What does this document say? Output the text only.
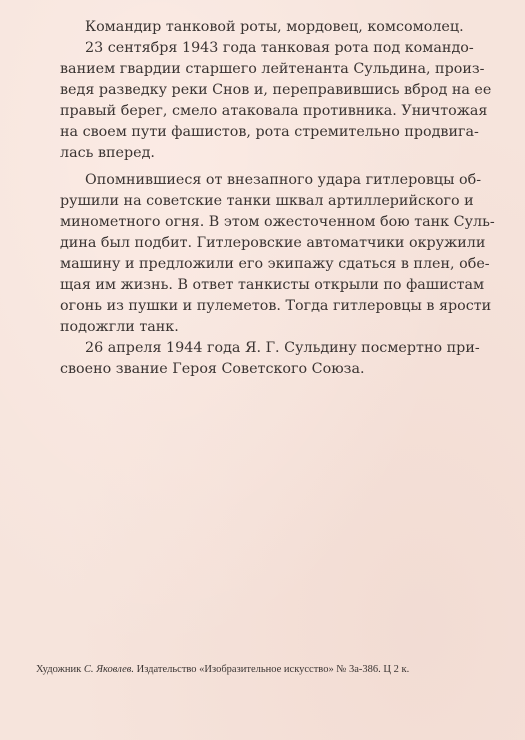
Командир танковой роты, мордовец, комсомолец.

23 сентября 1943 года танковая рота под командо-
ванием гвардии старшего лейтенанта Сульдина, произ-
ведя разведку реки Снов и, переправившись вброд на ее
правый берег, смело атаковала противника. Уничтожая
на своем пути фашистов, рота стремительно продвига-
лась вперед.

Опомнившиеся от внезапного удара гитлеровцы об-
рушили на советские танки шквал артиллерийского и
минометного огня. В этом ожесточенном бою танк Суль-
дина был подбит. Гитлеровские автоматчики окружили
машину и предложили его экипажу сдаться в плен, обе-
щая им жизнь. В ответ танкисты открыли по фашистам
огонь из пушки и пулеметов. Тогда гитлеровцы в ярости
подожгли танк.

26 апреля 1944 года Я. Г. Сульдину посмертно при-
своено звание Героя Советского Союза.

Художник С. Яковлев. Издательство «Изобразительное искусство» № 3а-386. Ц 2 к.
